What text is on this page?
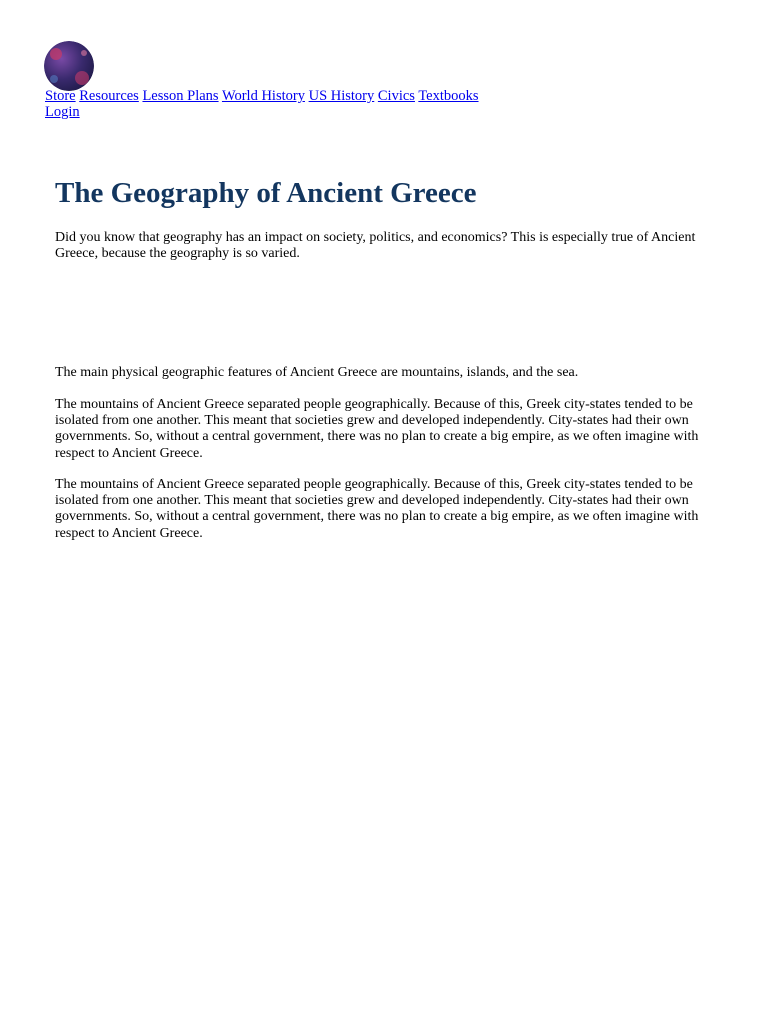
Store Resources Lesson Plans World History US History Civics Textbooks
Login
The Geography of Ancient Greece

Did you know that geography has an impact on society, politics, and economics? This is especially true of Ancient Greece, because the geography is so varied.

The main physical geographic features of Ancient Greece are mountains, islands, and the sea.

The mountains of Ancient Greece separated people geographically. Because of this, Greek city-states tended to be isolated from one another. This meant that societies grew and developed independently. City-states had their own governments. So, without a central government, there was no plan to create a big empire, as we often imagine with respect to Ancient Greece.

The mountains of Ancient Greece separated people geographically. Because of this, Greek city-states tended to be isolated from one another. This meant that societies grew and developed independently. City-states had their own governments. So, without a central government, there was no plan to create a big empire, as we often imagine with respect to Ancient Greece.
